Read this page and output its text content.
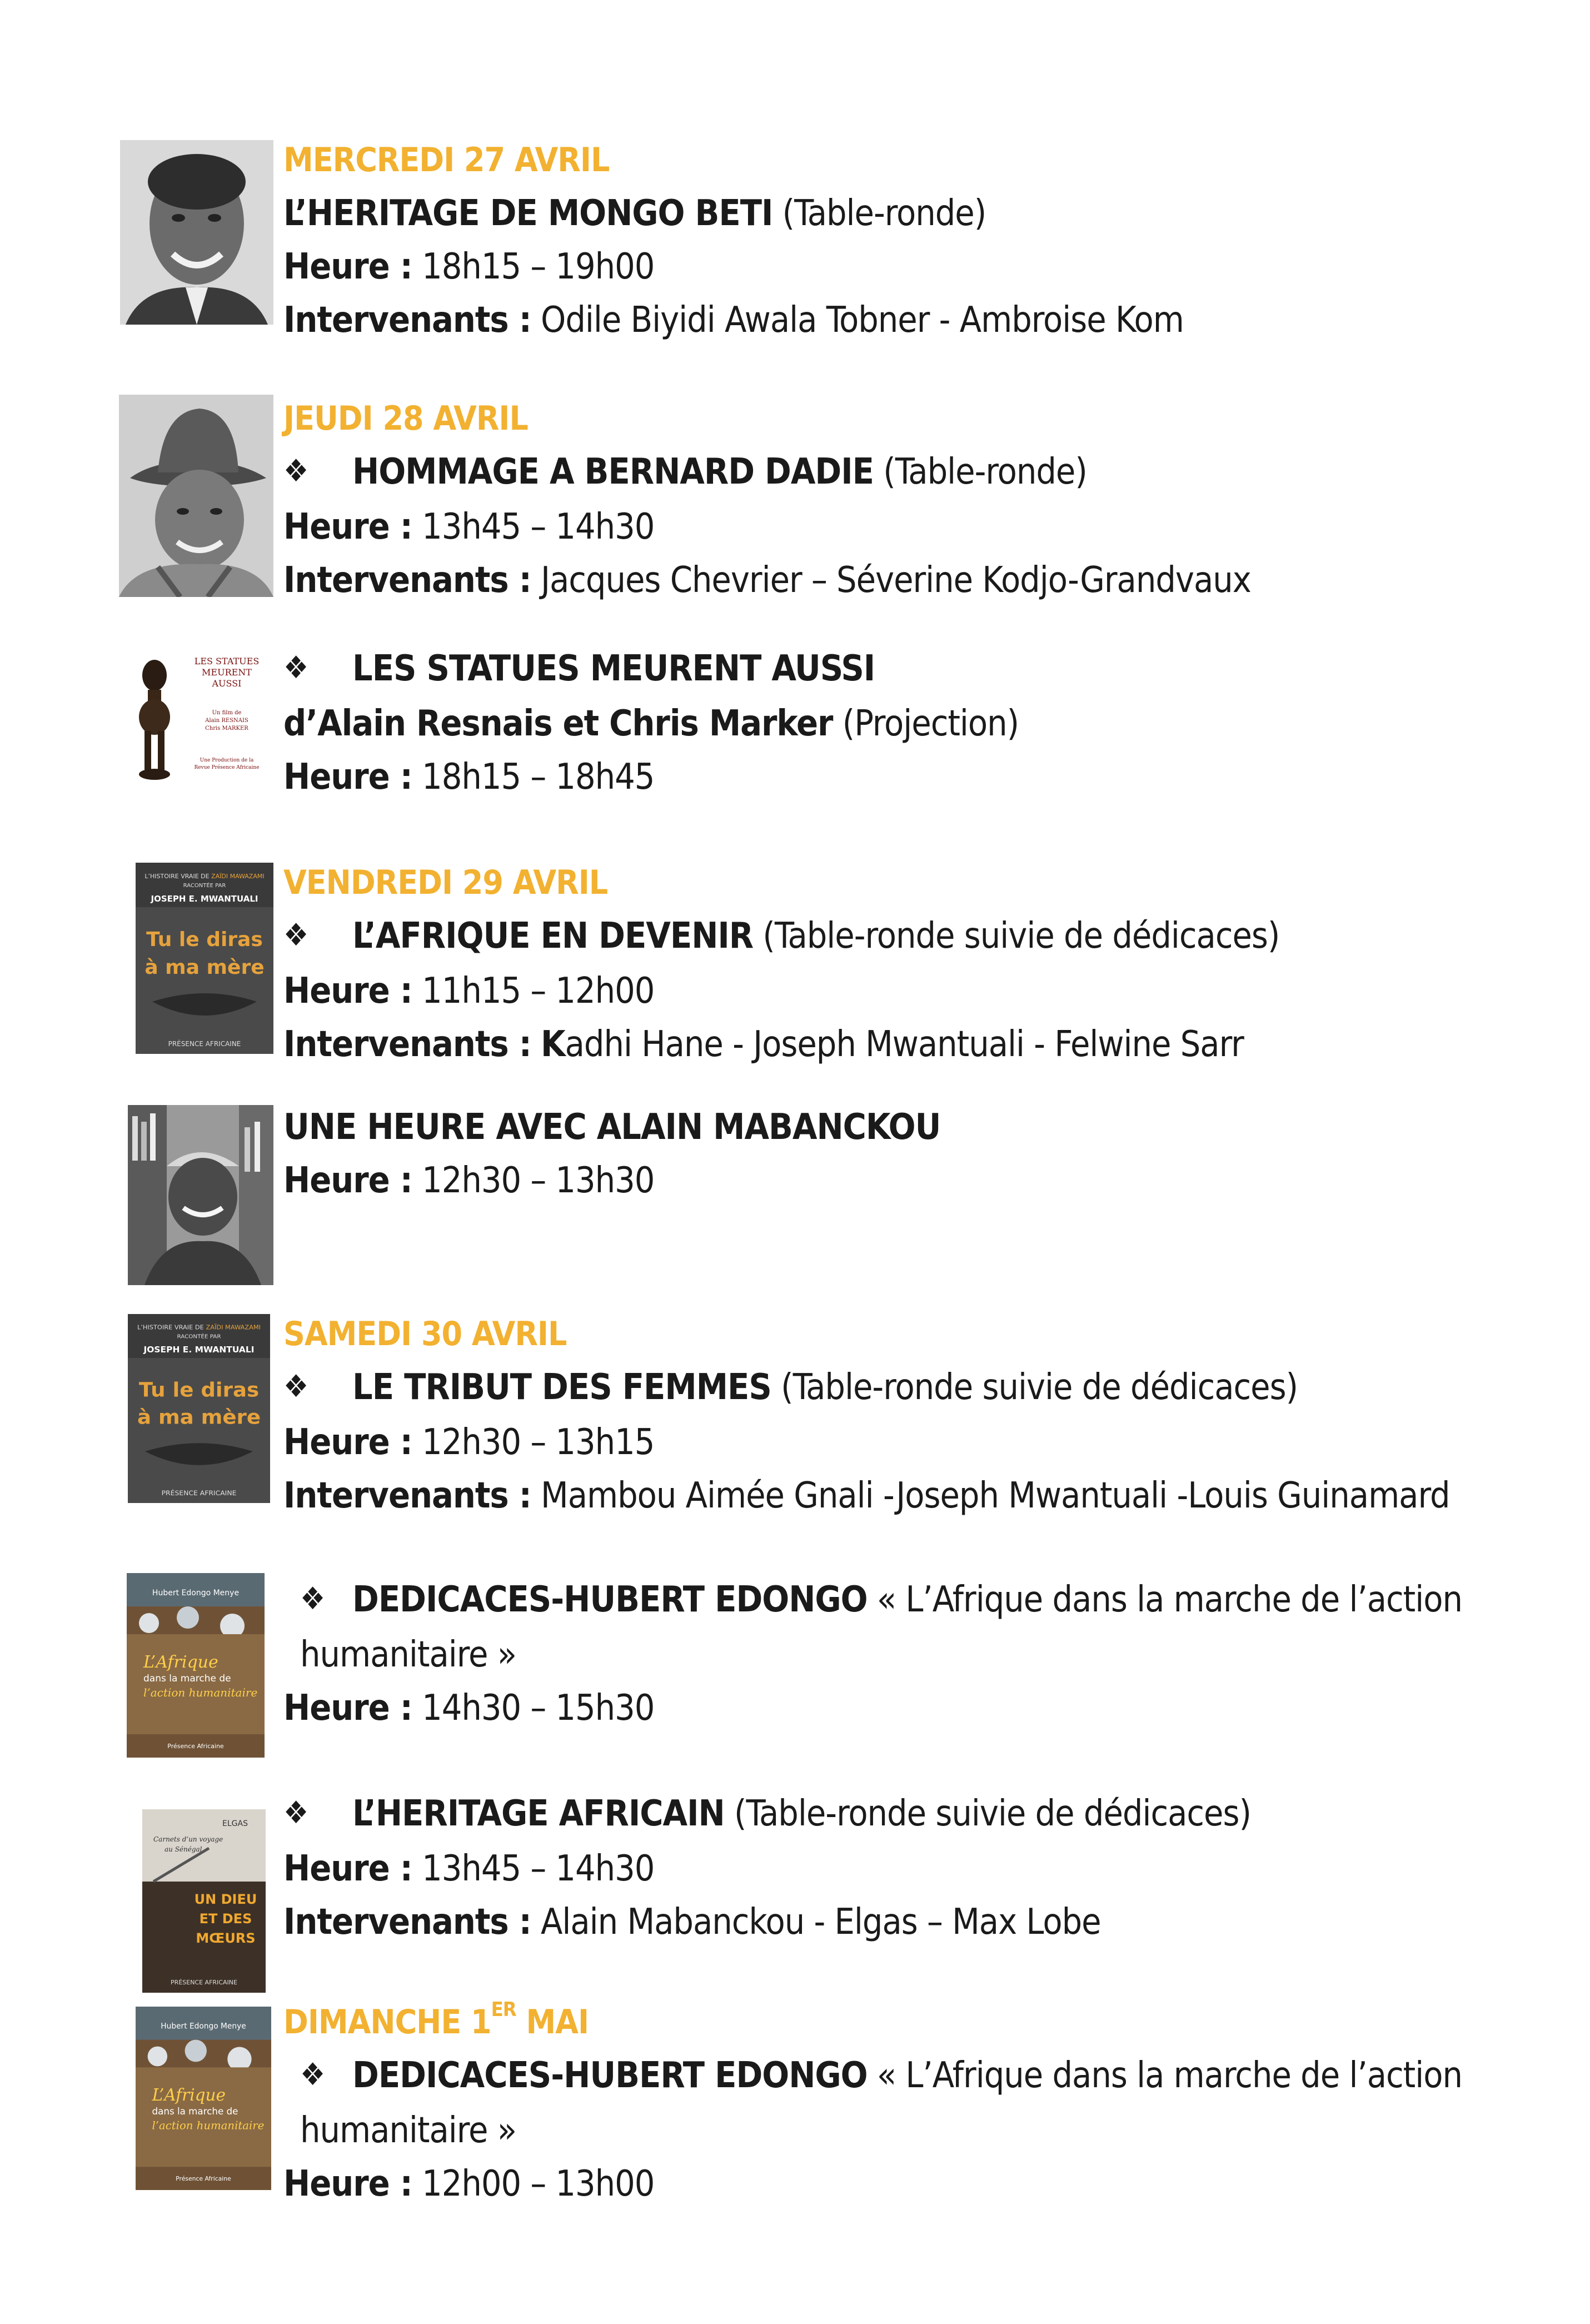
MERCREDI 27 AVRIL
L’HERITAGE DE MONGO BETI (Table-ronde)
Heure : 18h15 – 19h00
Intervenants : Odile Biyidi Awala Tobner - Ambroise Kom
JEUDI 28 AVRIL
❖ HOMMAGE A BERNARD DADIE (Table-ronde)
Heure : 13h45 – 14h30
Intervenants : Jacques Chevrier – Séverine Kodjo-Grandvaux
LES STATUES
MEURENT
AUSSI
Un film de
Alain RESNAIS
Chris MARKER
Une Production de la
Revue Présence Africaine
❖ LES STATUES MEURENT AUSSI
d’Alain Resnais et Chris Marker (Projection)
Heure : 18h15 – 18h45
L’HISTOIRE VRAIE DE ZAÏDI MAWAZAMI
RACONTÉE PAR
JOSEPH E. MWANTUALI
Tu le diras
à ma mère
PRÉSENCE AFRICAINE
VENDREDI 29 AVRIL
❖ L’AFRIQUE EN DEVENIR (Table-ronde suivie de dédicaces)
Heure : 11h15 – 12h00
Intervenants : Kadhi Hane - Joseph Mwantuali - Felwine Sarr
UNE HEURE AVEC ALAIN MABANCKOU
Heure : 12h30 – 13h30
L’HISTOIRE VRAIE DE ZAÏDI MAWAZAMI
RACONTÉE PAR
JOSEPH E. MWANTUALI
Tu le diras
à ma mère
PRÉSENCE AFRICAINE
SAMEDI 30 AVRIL
❖ LE TRIBUT DES FEMMES (Table-ronde suivie de dédicaces)
Heure : 12h30 – 13h15
Intervenants : Mambou Aimée Gnali -Joseph Mwantuali -Louis Guinamard
Hubert Edongo Menye
L’Afrique
dans la marche de
l’action humanitaire
Présence Africaine
❖ DEDICACES-HUBERT EDONGO « L’Afrique dans la marche de l’action
humanitaire »
Heure : 14h30 – 15h30
ELGAS
Carnets d’un voyage
au Sénégal
UN DIEU
ET DES
MŒURS
PRÉSENCE AFRICAINE
❖ L’HERITAGE AFRICAIN (Table-ronde suivie de dédicaces)
Heure : 13h45 – 14h30
Intervenants : Alain Mabanckou - Elgas – Max Lobe
Hubert Edongo Menye
L’Afrique
dans la marche de
l’action humanitaire
Présence Africaine
DIMANCHE 1ER MAI
❖ DEDICACES-HUBERT EDONGO « L’Afrique dans la marche de l’action
humanitaire »
Heure : 12h00 – 13h00
